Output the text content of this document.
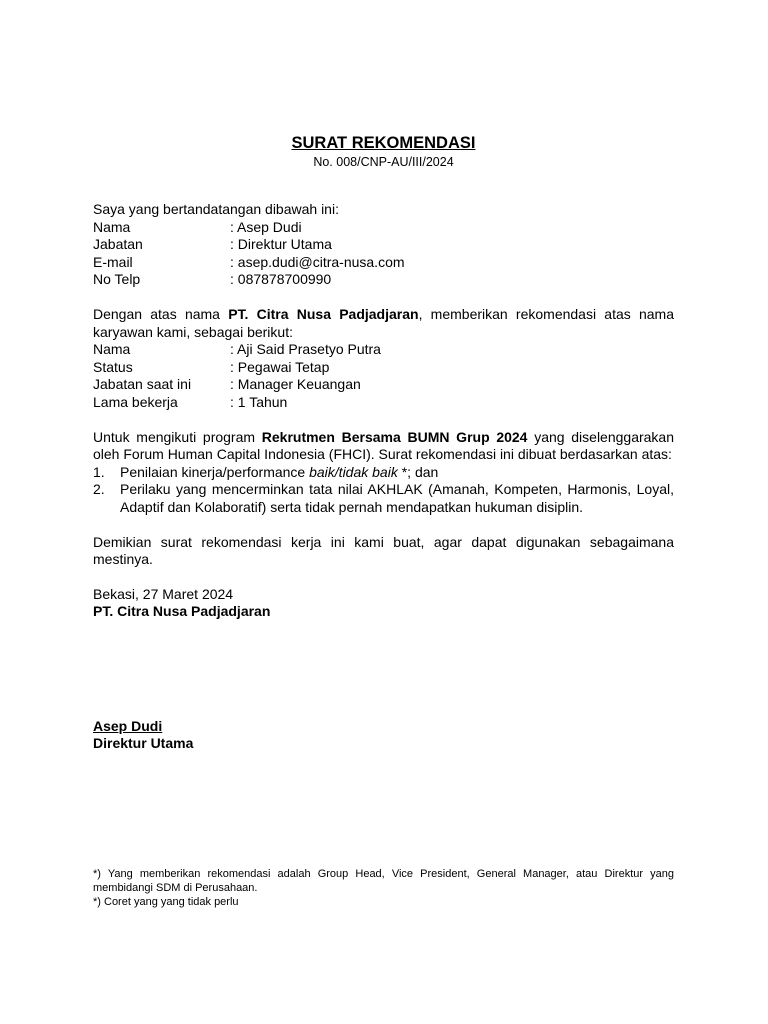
SURAT REKOMENDASI

No. 008/CNP-AU/III/2024

Saya yang bertandatangan dibawah ini:

Nama	: Asep Dudi
Jabatan	: Direktur Utama
E-mail	: asep.dudi@citra-nusa.com
No Telp	: 087878700990

Dengan atas nama PT. Citra Nusa Padjadjaran, memberikan rekomendasi atas nama karyawan kami, sebagai berikut:

Nama	: Aji Said Prasetyo Putra
Status	: Pegawai Tetap
Jabatan saat ini	: Manager Keuangan
Lama bekerja	: 1 Tahun

Untuk mengikuti program Rekrutmen Bersama BUMN Grup 2024 yang diselenggarakan oleh Forum Human Capital Indonesia (FHCI). Surat rekomendasi ini dibuat berdasarkan atas:

1.	Penilaian kinerja/performance baik/tidak baik *; dan
2.	Perilaku yang mencerminkan tata nilai AKHLAK (Amanah, Kompeten, Harmonis, Loyal, Adaptif dan Kolaboratif) serta tidak pernah mendapatkan hukuman disiplin.

Demikian surat rekomendasi kerja ini kami buat, agar dapat digunakan sebagaimana mestinya.

Bekasi, 27 Maret 2024

PT. Citra Nusa Padjadjaran

Asep Dudi

Direktur Utama

*) Yang memberikan rekomendasi adalah Group Head, Vice President, General Manager, atau Direktur yang membidangi SDM di Perusahaan.

*) Coret yang yang tidak perlu
